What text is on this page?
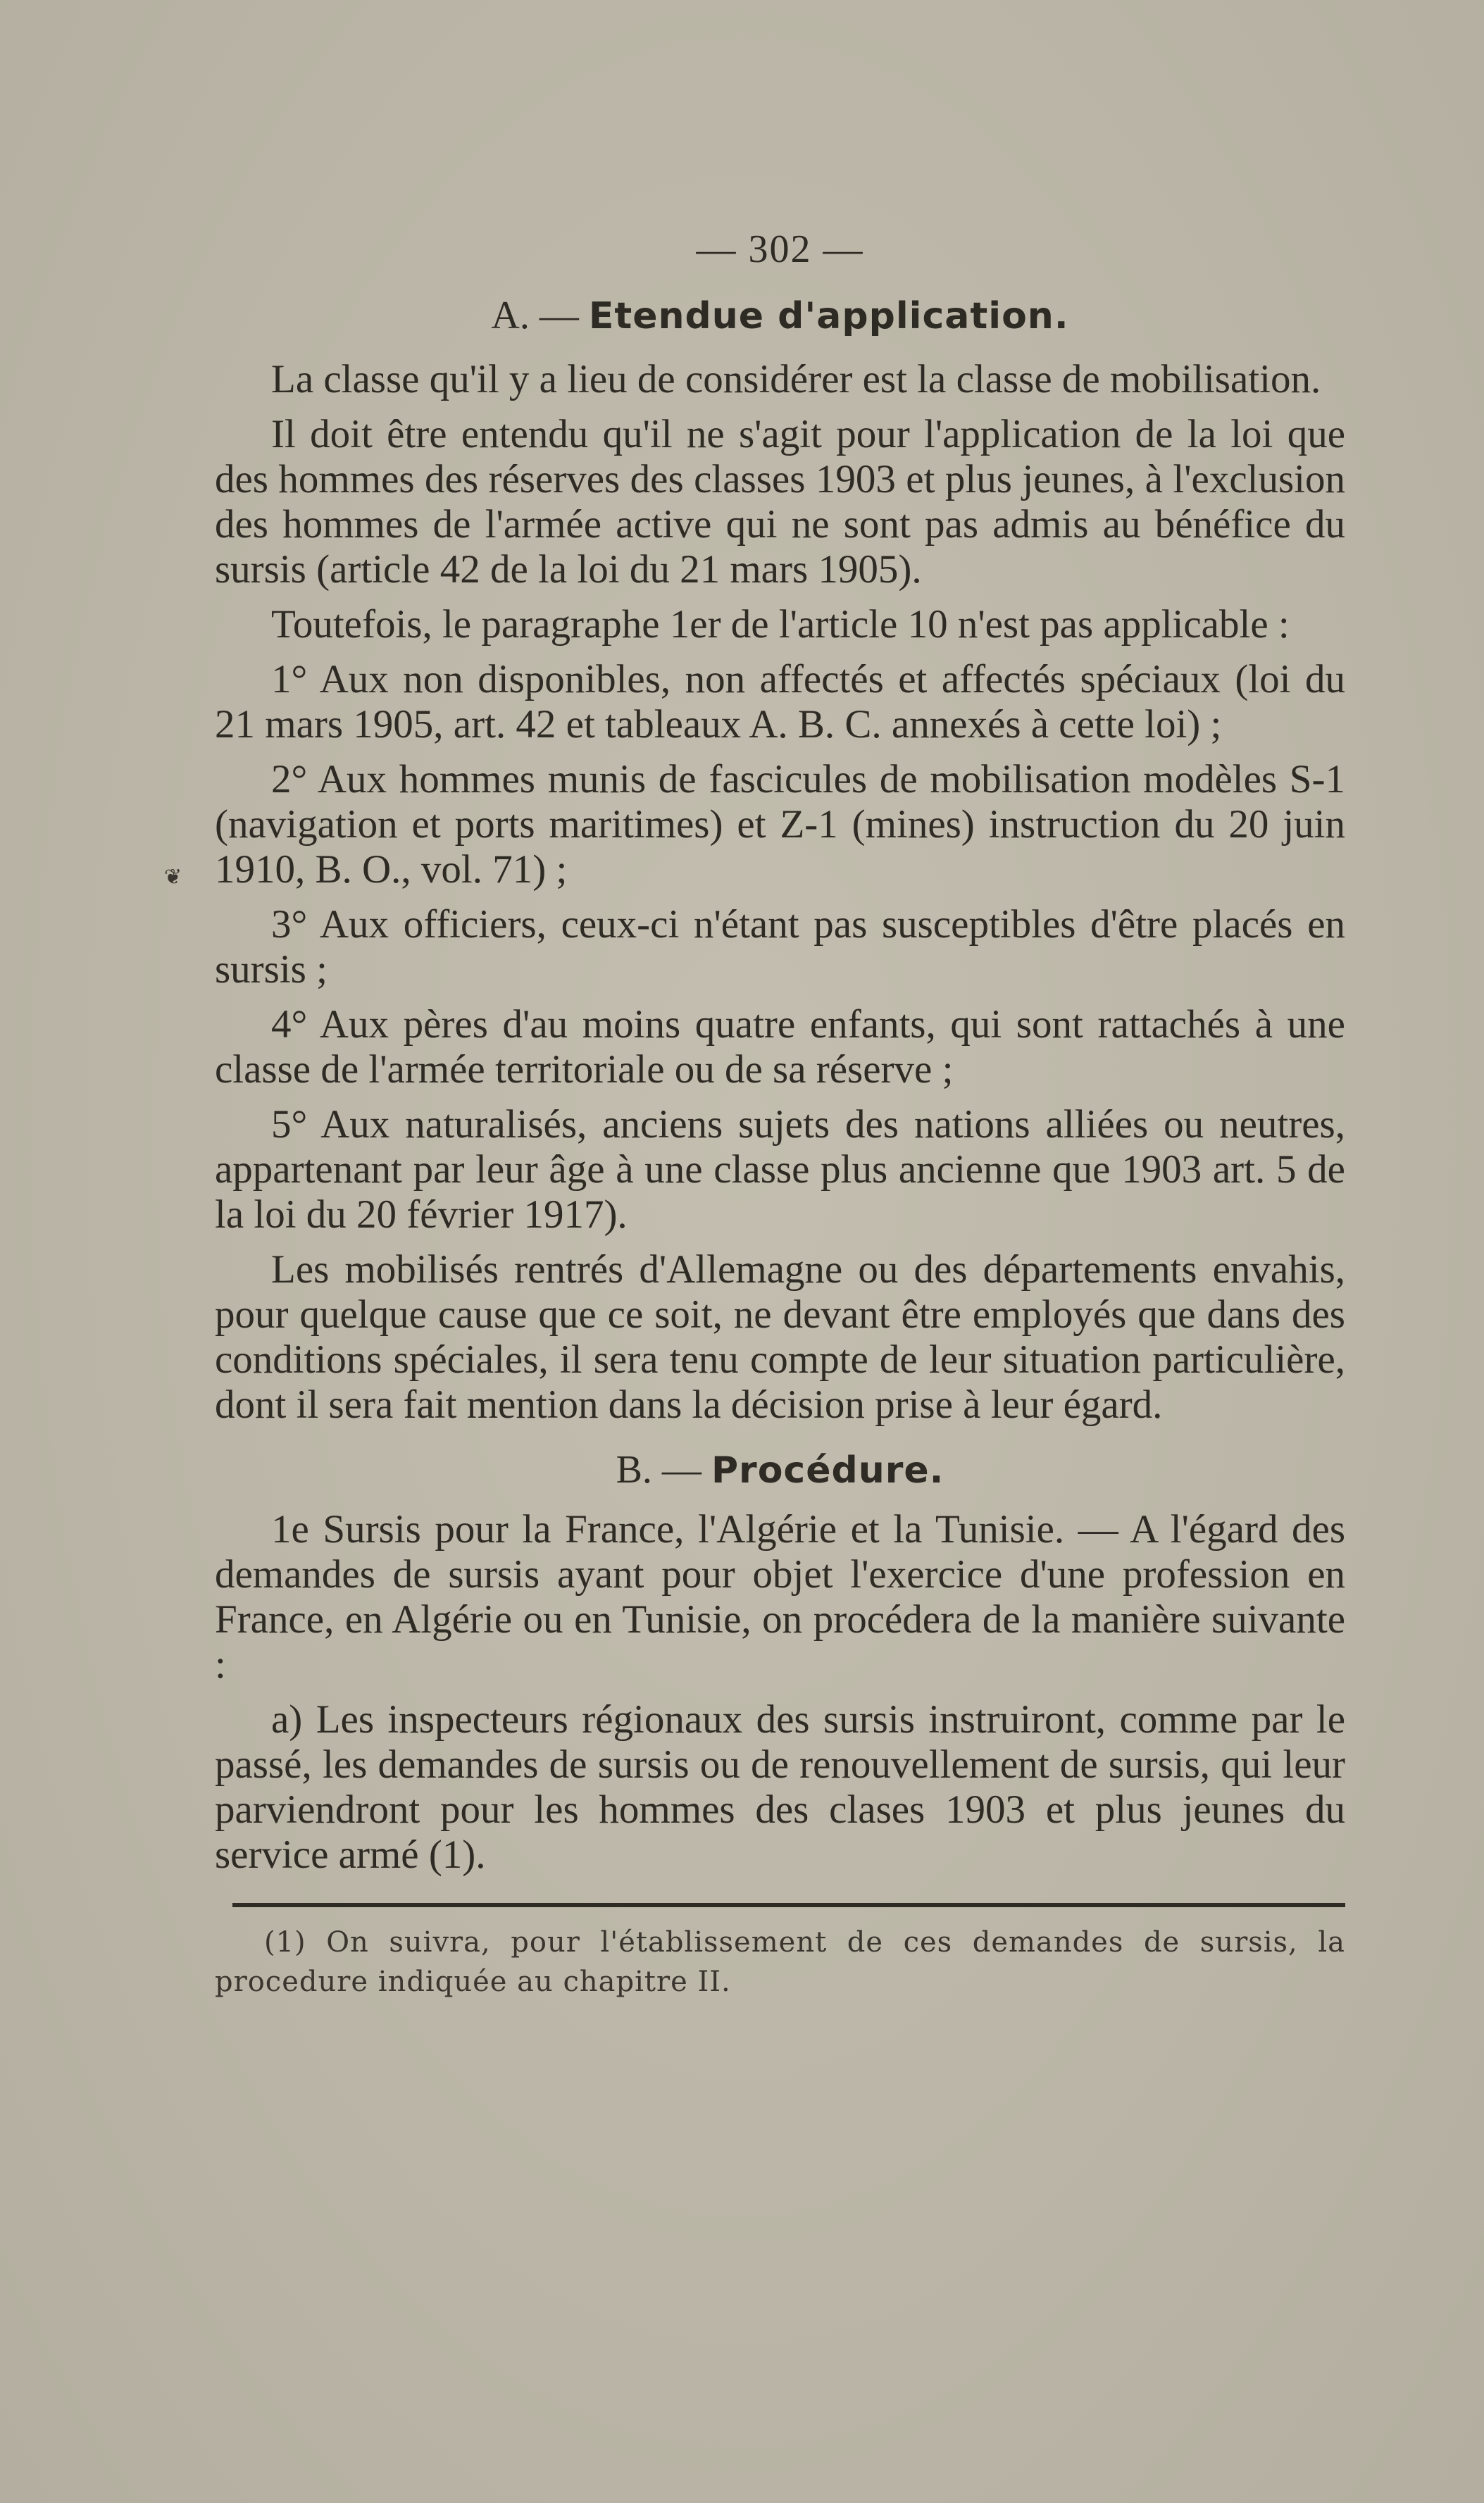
❦
— 302 —
A. — Etendue d'application.

La classe qu'il y a lieu de considérer est la classe de mobilisation.

Il doit être entendu qu'il ne s'agit pour l'application de la loi que des hommes des réserves des classes 1903 et plus jeunes, à l'exclusion des hommes de l'armée active qui ne sont pas admis au bénéfice du sursis (article 42 de la loi du 21 mars 1905).

Toutefois, le paragraphe 1er de l'article 10 n'est pas applicable :

1° Aux non disponibles, non affectés et affectés spéciaux (loi du 21 mars 1905, art. 42 et tableaux A. B. C. annexés à cette loi) ;

2° Aux hommes munis de fascicules de mobilisation modèles S-1 (navigation et ports maritimes) et Z-1 (mines) instruction du 20 juin 1910, B. O., vol. 71) ;

3° Aux officiers, ceux-ci n'étant pas susceptibles d'être placés en sursis ;

4° Aux pères d'au moins quatre enfants, qui sont rattachés à une classe de l'armée territoriale ou de sa réserve ;

5° Aux naturalisés, anciens sujets des nations alliées ou neutres, appartenant par leur âge à une classe plus ancienne que 1903 art. 5 de la loi du 20 février 1917).

Les mobilisés rentrés d'Allemagne ou des départements envahis, pour quelque cause que ce soit, ne devant être employés que dans des conditions spéciales, il sera tenu compte de leur situation particulière, dont il sera fait mention dans la décision prise à leur égard.

B. — Procédure.

1e Sursis pour la France, l'Algérie et la Tunisie. — A l'égard des demandes de sursis ayant pour objet l'exercice d'une profession en France, en Algérie ou en Tunisie, on procédera de la manière suivante :

a) Les inspecteurs régionaux des sursis instruiront, comme par le passé, les demandes de sursis ou de renouvellement de sursis, qui leur parviendront pour les hommes des clases 1903 et plus jeunes du service armé (1).

(1) On suivra, pour l'établissement de ces demandes de sursis, la procedure indiquée au chapitre II.
